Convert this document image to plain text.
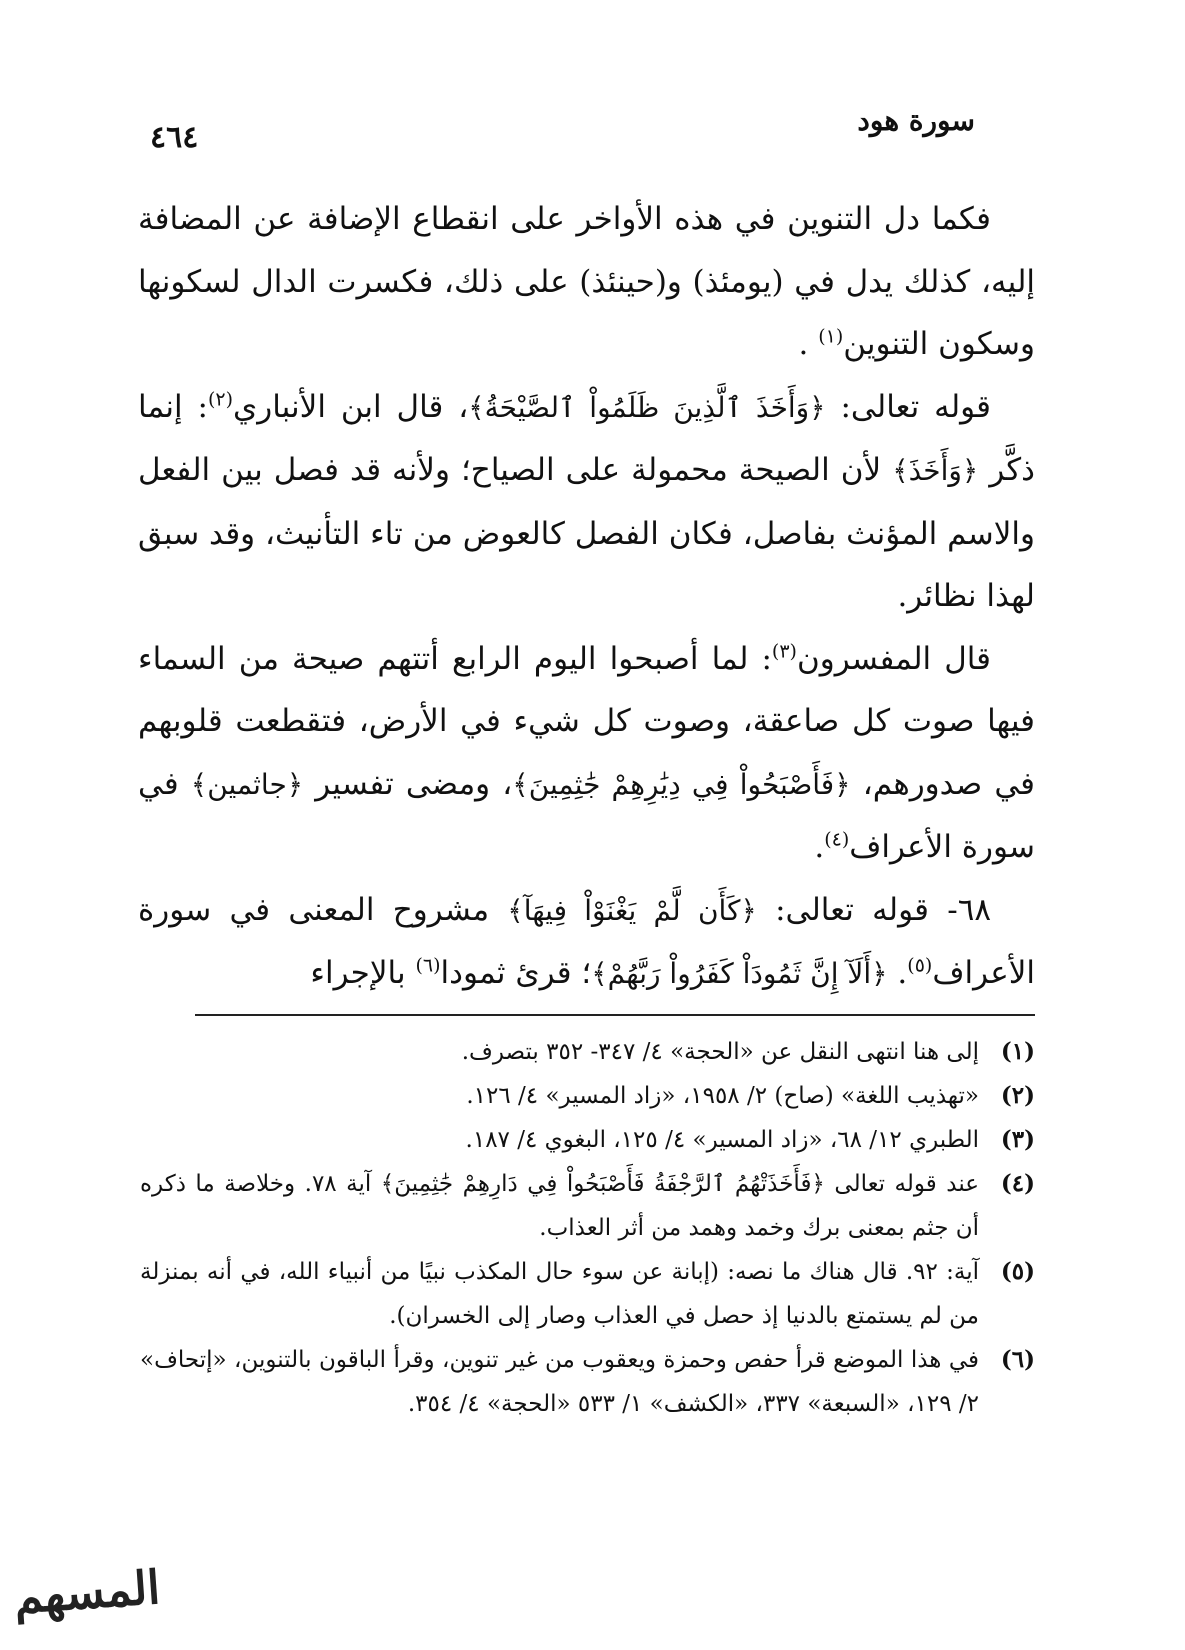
سورة هود
٤٦٤

فكما دل التنوين في هذه الأواخر على انقطاع الإضافة عن المضافة إليه، كذلك يدل في (يومئذ) و(حينئذ) على ذلك، فكسرت الدال لسكونها وسكون التنوين$^{(١)}$ .

قوله تعالى: ﴿وَأَخَذَ ٱلَّذِينَ ظَلَمُواْ ٱلصَّيْحَةُ﴾، قال ابن الأنباري$^{(٢)}$: إنما ذكَّر ﴿وَأَخَذَ﴾ لأن الصيحة محمولة على الصياح؛ ولأنه قد فصل بين الفعل والاسم المؤنث بفاصل، فكان الفصل كالعوض من تاء التأنيث، وقد سبق لهذا نظائر.

قال المفسرون$^{(٣)}$: لما أصبحوا اليوم الرابع أتتهم صيحة من السماء فيها صوت كل صاعقة، وصوت كل شيء في الأرض، فتقطعت قلوبهم في صدورهم، ﴿فَأَصْبَحُواْ فِي دِيَٰرِهِمْ جَٰثِمِينَ﴾، ومضى تفسير ﴿جاثمين﴾ في سورة الأعراف$^{(٤)}$.

٦٨- قوله تعالى: ﴿كَأَن لَّمْ يَغْنَوْاْ فِيهَآ﴾ مشروح المعنى في سورة الأعراف$^{(٥)}$. ﴿أَلَآ إِنَّ ثَمُودَاْ كَفَرُواْ رَبَّهُمْ﴾؛ قرئ ثمودا$^{(٦)}$ بالإجراء

(١)
إلى هنا انتهى النقل عن «الحجة» ٤/ ٣٤٧- ٣٥٢ بتصرف.
(٢)
«تهذيب اللغة» (صاح) ٢/ ١٩٥٨، «زاد المسير» ٤/ ١٢٦.
(٣)
الطبري ١٢/ ٦٨، «زاد المسير» ٤/ ١٢٥، البغوي ٤/ ١٨٧.
(٤)
عند قوله تعالى ﴿فَأَخَذَتْهُمُ ٱلرَّجْفَةُ فَأَصْبَحُواْ فِي دَارِهِمْ جَٰثِمِينَ﴾ آية ٧٨. وخلاصة ما ذكره أن جثم بمعنى برك وخمد وهمد من أثر العذاب.
(٥)
آية: ٩٢. قال هناك ما نصه: (إبانة عن سوء حال المكذب نبيًا من أنبياء الله، في أنه بمنزلة من لم يستمتع بالدنيا إذ حصل في العذاب وصار إلى الخسران).
(٦)
في هذا الموضع قرأ حفص وحمزة ويعقوب من غير تنوين، وقرأ الباقون بالتنوين، «إتحاف» ٢/ ١٢٩، «السبعة» ٣٣٧، «الكشف» ١/ ٥٣٣ «الحجة» ٤/ ٣٥٤.
المسهم
